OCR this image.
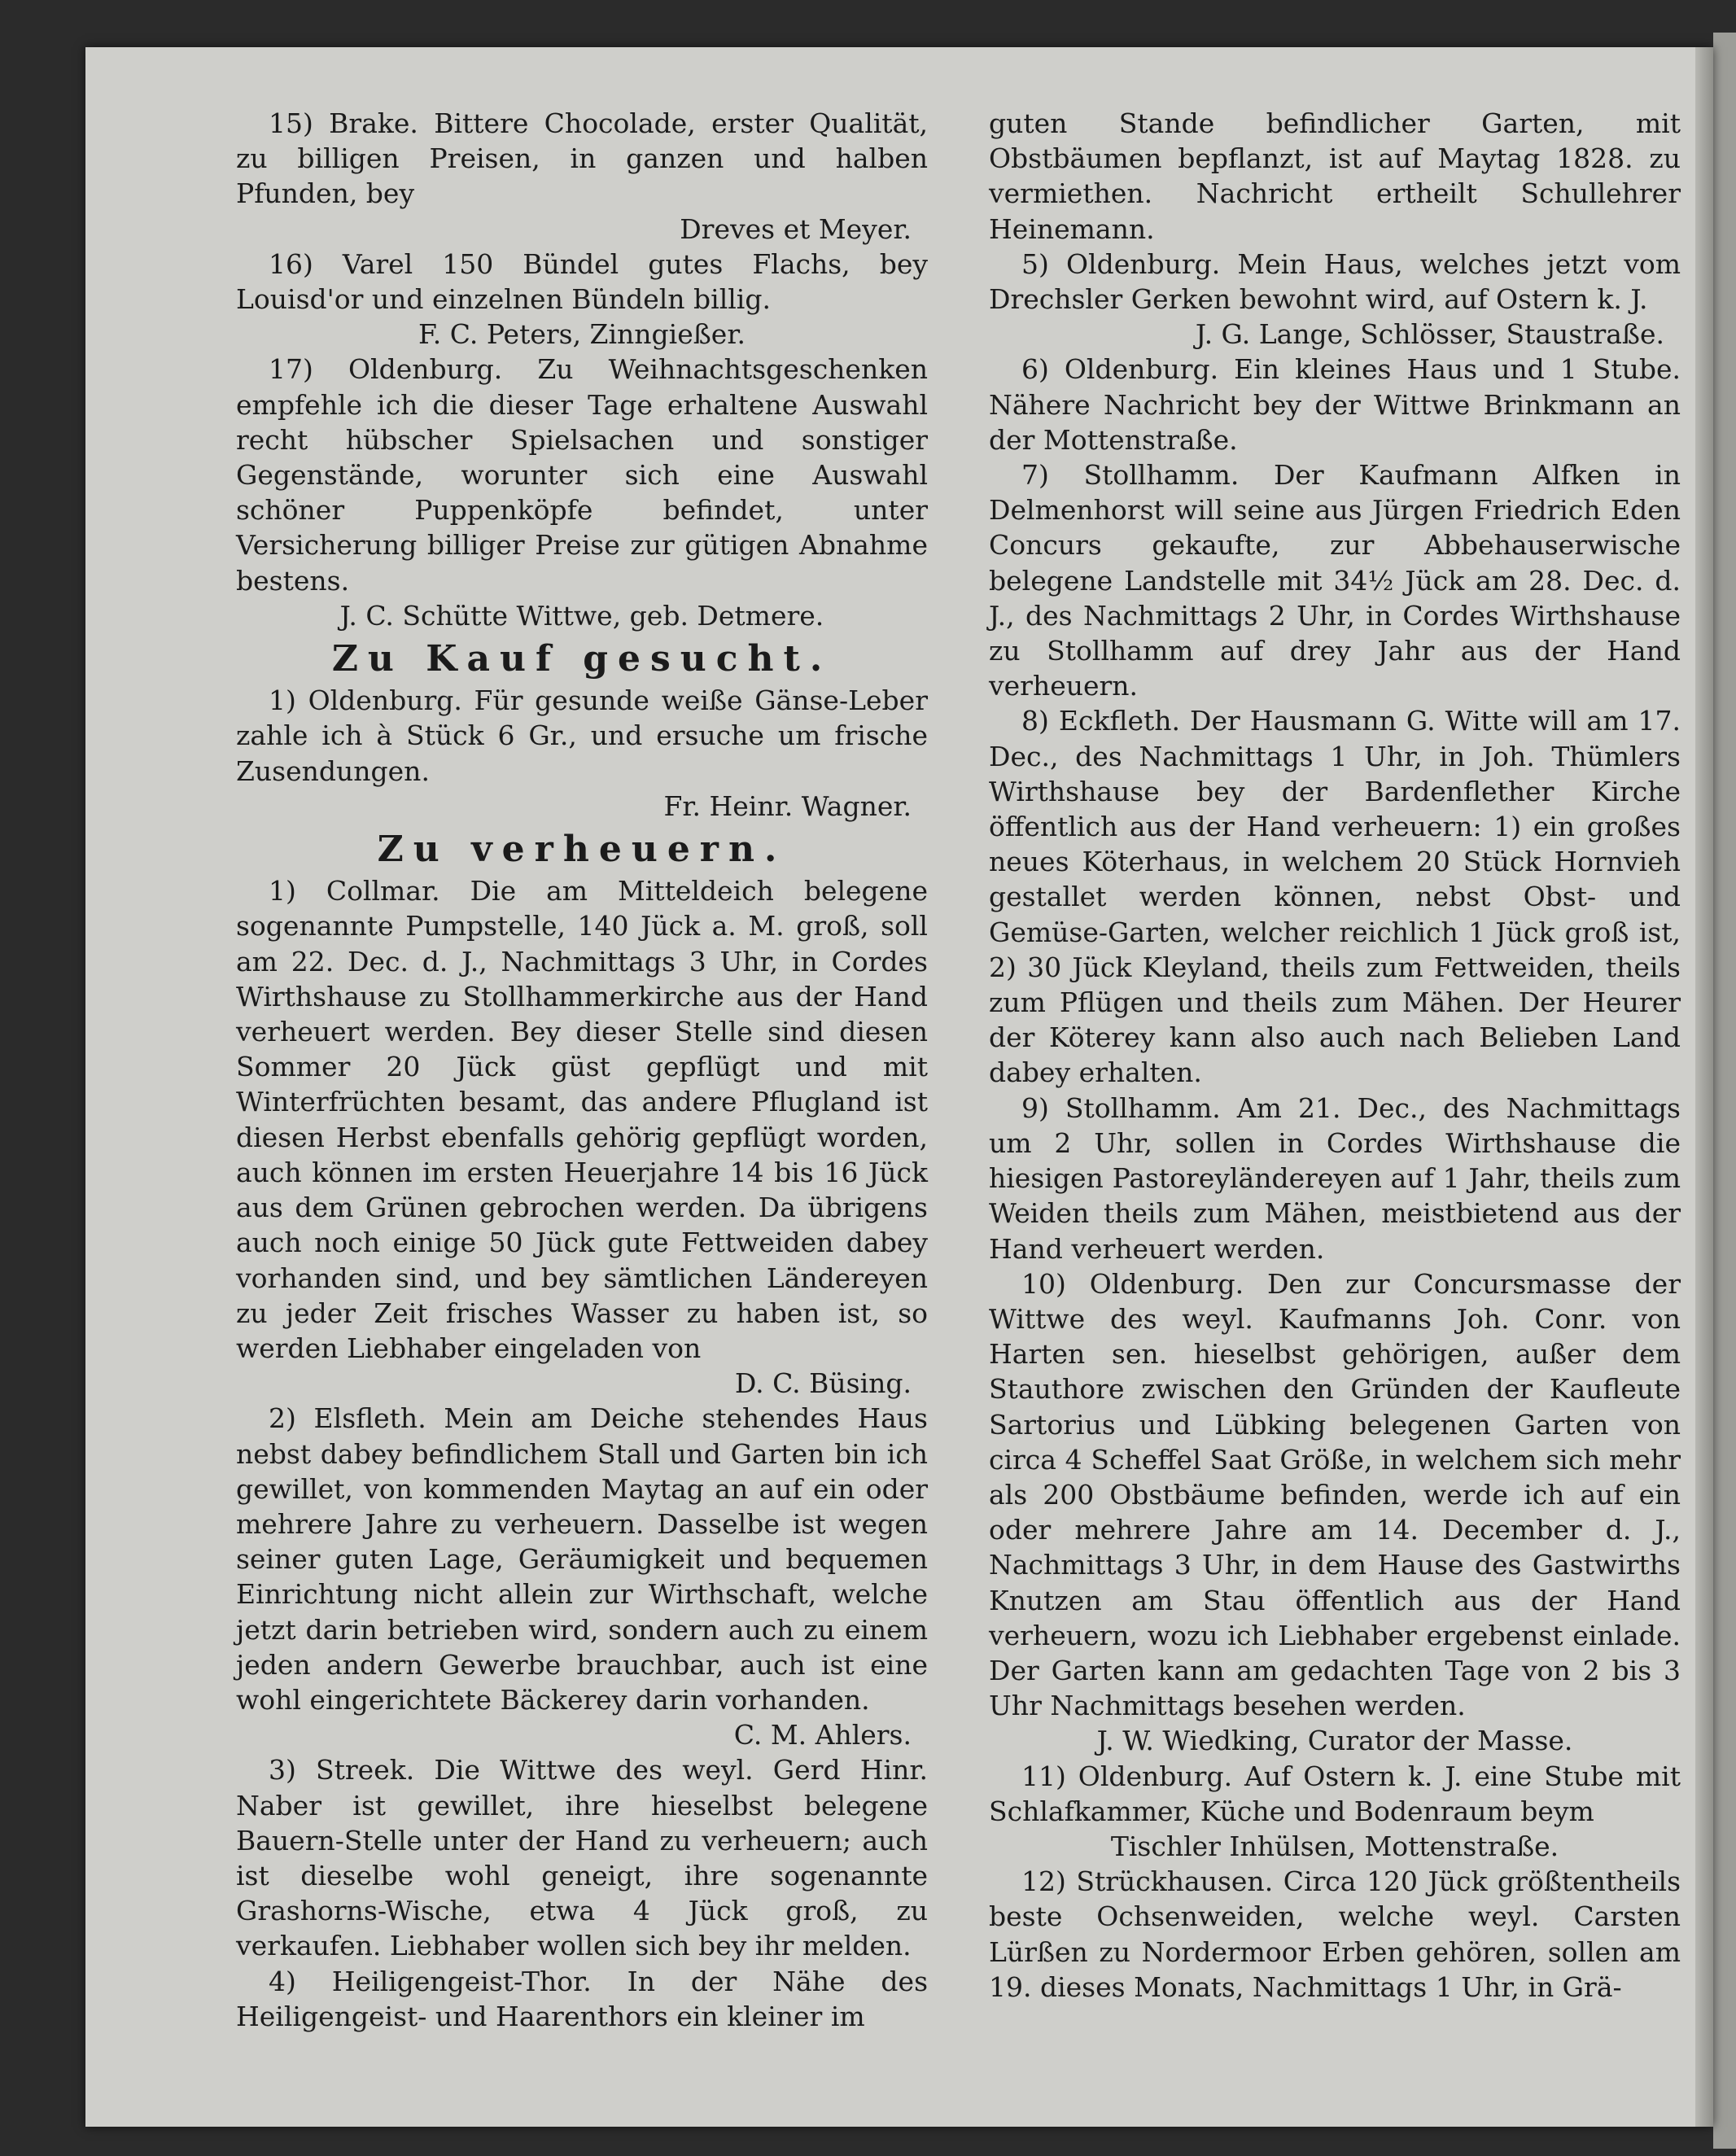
15) Brake. Bittere Chocolade, erster Qualität, zu billigen Preisen, in ganzen und halben Pfunden, bey

Dreves et Meyer.

16) Varel 150 Bündel gutes Flachs, bey Louisd'or und einzelnen Bündeln billig.

F. C. Peters, Zinngießer.

17) Oldenburg. Zu Weihnachtsgeschenken empfehle ich die dieser Tage erhaltene Auswahl recht hübscher Spielsachen und sonstiger Gegenstände, worunter sich eine Auswahl schöner Puppenköpfe befindet, unter Versicherung billiger Preise zur gütigen Abnahme bestens.

J. C. Schütte Wittwe, geb. Detmere.

Zu Kauf gesucht.

1) Oldenburg. Für gesunde weiße Gänse-Leber zahle ich à Stück 6 Gr., und ersuche um frische Zusendungen.

Fr. Heinr. Wagner.

Zu verheuern.

1) Collmar. Die am Mitteldeich belegene sogenannte Pumpstelle, 140 Jück a. M. groß, soll am 22. Dec. d. J., Nachmittags 3 Uhr, in Cordes Wirthshause zu Stollhammerkirche aus der Hand verheuert werden. Bey dieser Stelle sind diesen Sommer 20 Jück güst gepflügt und mit Winterfrüchten besamt, das andere Pflugland ist diesen Herbst ebenfalls gehörig gepflügt worden, auch können im ersten Heuerjahre 14 bis 16 Jück aus dem Grünen gebrochen werden. Da übrigens auch noch einige 50 Jück gute Fettweiden dabey vorhanden sind, und bey sämtlichen Ländereyen zu jeder Zeit frisches Wasser zu haben ist, so werden Liebhaber eingeladen von

D. C. Büsing.

2) Elsfleth. Mein am Deiche stehendes Haus nebst dabey befindlichem Stall und Garten bin ich gewillet, von kommenden Maytag an auf ein oder mehrere Jahre zu verheuern. Dasselbe ist wegen seiner guten Lage, Geräumigkeit und bequemen Einrichtung nicht allein zur Wirthschaft, welche jetzt darin betrieben wird, sondern auch zu einem jeden andern Gewerbe brauchbar, auch ist eine wohl eingerichtete Bäckerey darin vorhanden.

C. M. Ahlers.

3) Streek. Die Wittwe des weyl. Gerd Hinr. Naber ist gewillet, ihre hieselbst belegene Bauern-Stelle unter der Hand zu verheuern; auch ist dieselbe wohl geneigt, ihre sogenannte Grashorns-Wische, etwa 4 Jück groß, zu verkaufen. Liebhaber wollen sich bey ihr melden.

4) Heiligengeist-Thor. In der Nähe des Heiligengeist- und Haarenthors ein kleiner im

guten Stande befindlicher Garten, mit Obstbäumen bepflanzt, ist auf Maytag 1828. zu vermiethen. Nachricht ertheilt Schullehrer Heinemann.

5) Oldenburg. Mein Haus, welches jetzt vom Drechsler Gerken bewohnt wird, auf Ostern k. J.

J. G. Lange, Schlösser, Staustraße.

6) Oldenburg. Ein kleines Haus und 1 Stube. Nähere Nachricht bey der Wittwe Brinkmann an der Mottenstraße.

7) Stollhamm. Der Kaufmann Alfken in Delmenhorst will seine aus Jürgen Friedrich Eden Concurs gekaufte, zur Abbehauserwische belegene Landstelle mit 34½ Jück am 28. Dec. d. J., des Nachmittags 2 Uhr, in Cordes Wirthshause zu Stollhamm auf drey Jahr aus der Hand verheuern.

8) Eckfleth. Der Hausmann G. Witte will am 17. Dec., des Nachmittags 1 Uhr, in Joh. Thümlers Wirthshause bey der Bardenflether Kirche öffentlich aus der Hand verheuern: 1) ein großes neues Köterhaus, in welchem 20 Stück Hornvieh gestallet werden können, nebst Obst- und Gemüse-Garten, welcher reichlich 1 Jück groß ist, 2) 30 Jück Kleyland, theils zum Fettweiden, theils zum Pflügen und theils zum Mähen. Der Heurer der Köterey kann also auch nach Belieben Land dabey erhalten.

9) Stollhamm. Am 21. Dec., des Nachmittags um 2 Uhr, sollen in Cordes Wirthshause die hiesigen Pastoreyländereyen auf 1 Jahr, theils zum Weiden theils zum Mähen, meistbietend aus der Hand verheuert werden.

10) Oldenburg. Den zur Concursmasse der Wittwe des weyl. Kaufmanns Joh. Conr. von Harten sen. hieselbst gehörigen, außer dem Stauthore zwischen den Gründen der Kaufleute Sartorius und Lübking belegenen Garten von circa 4 Scheffel Saat Größe, in welchem sich mehr als 200 Obstbäume befinden, werde ich auf ein oder mehrere Jahre am 14. December d. J., Nachmittags 3 Uhr, in dem Hause des Gastwirths Knutzen am Stau öffentlich aus der Hand verheuern, wozu ich Liebhaber ergebenst einlade. Der Garten kann am gedachten Tage von 2 bis 3 Uhr Nachmittags besehen werden.

J. W. Wiedking, Curator der Masse.

11) Oldenburg. Auf Ostern k. J. eine Stube mit Schlafkammer, Küche und Bodenraum beym

Tischler Inhülsen, Mottenstraße.

12) Strückhausen. Circa 120 Jück größtentheils beste Ochsenweiden, welche weyl. Carsten Lürßen zu Nordermoor Erben gehören, sollen am 19. dieses Monats, Nachmittags 1 Uhr, in Grä-
